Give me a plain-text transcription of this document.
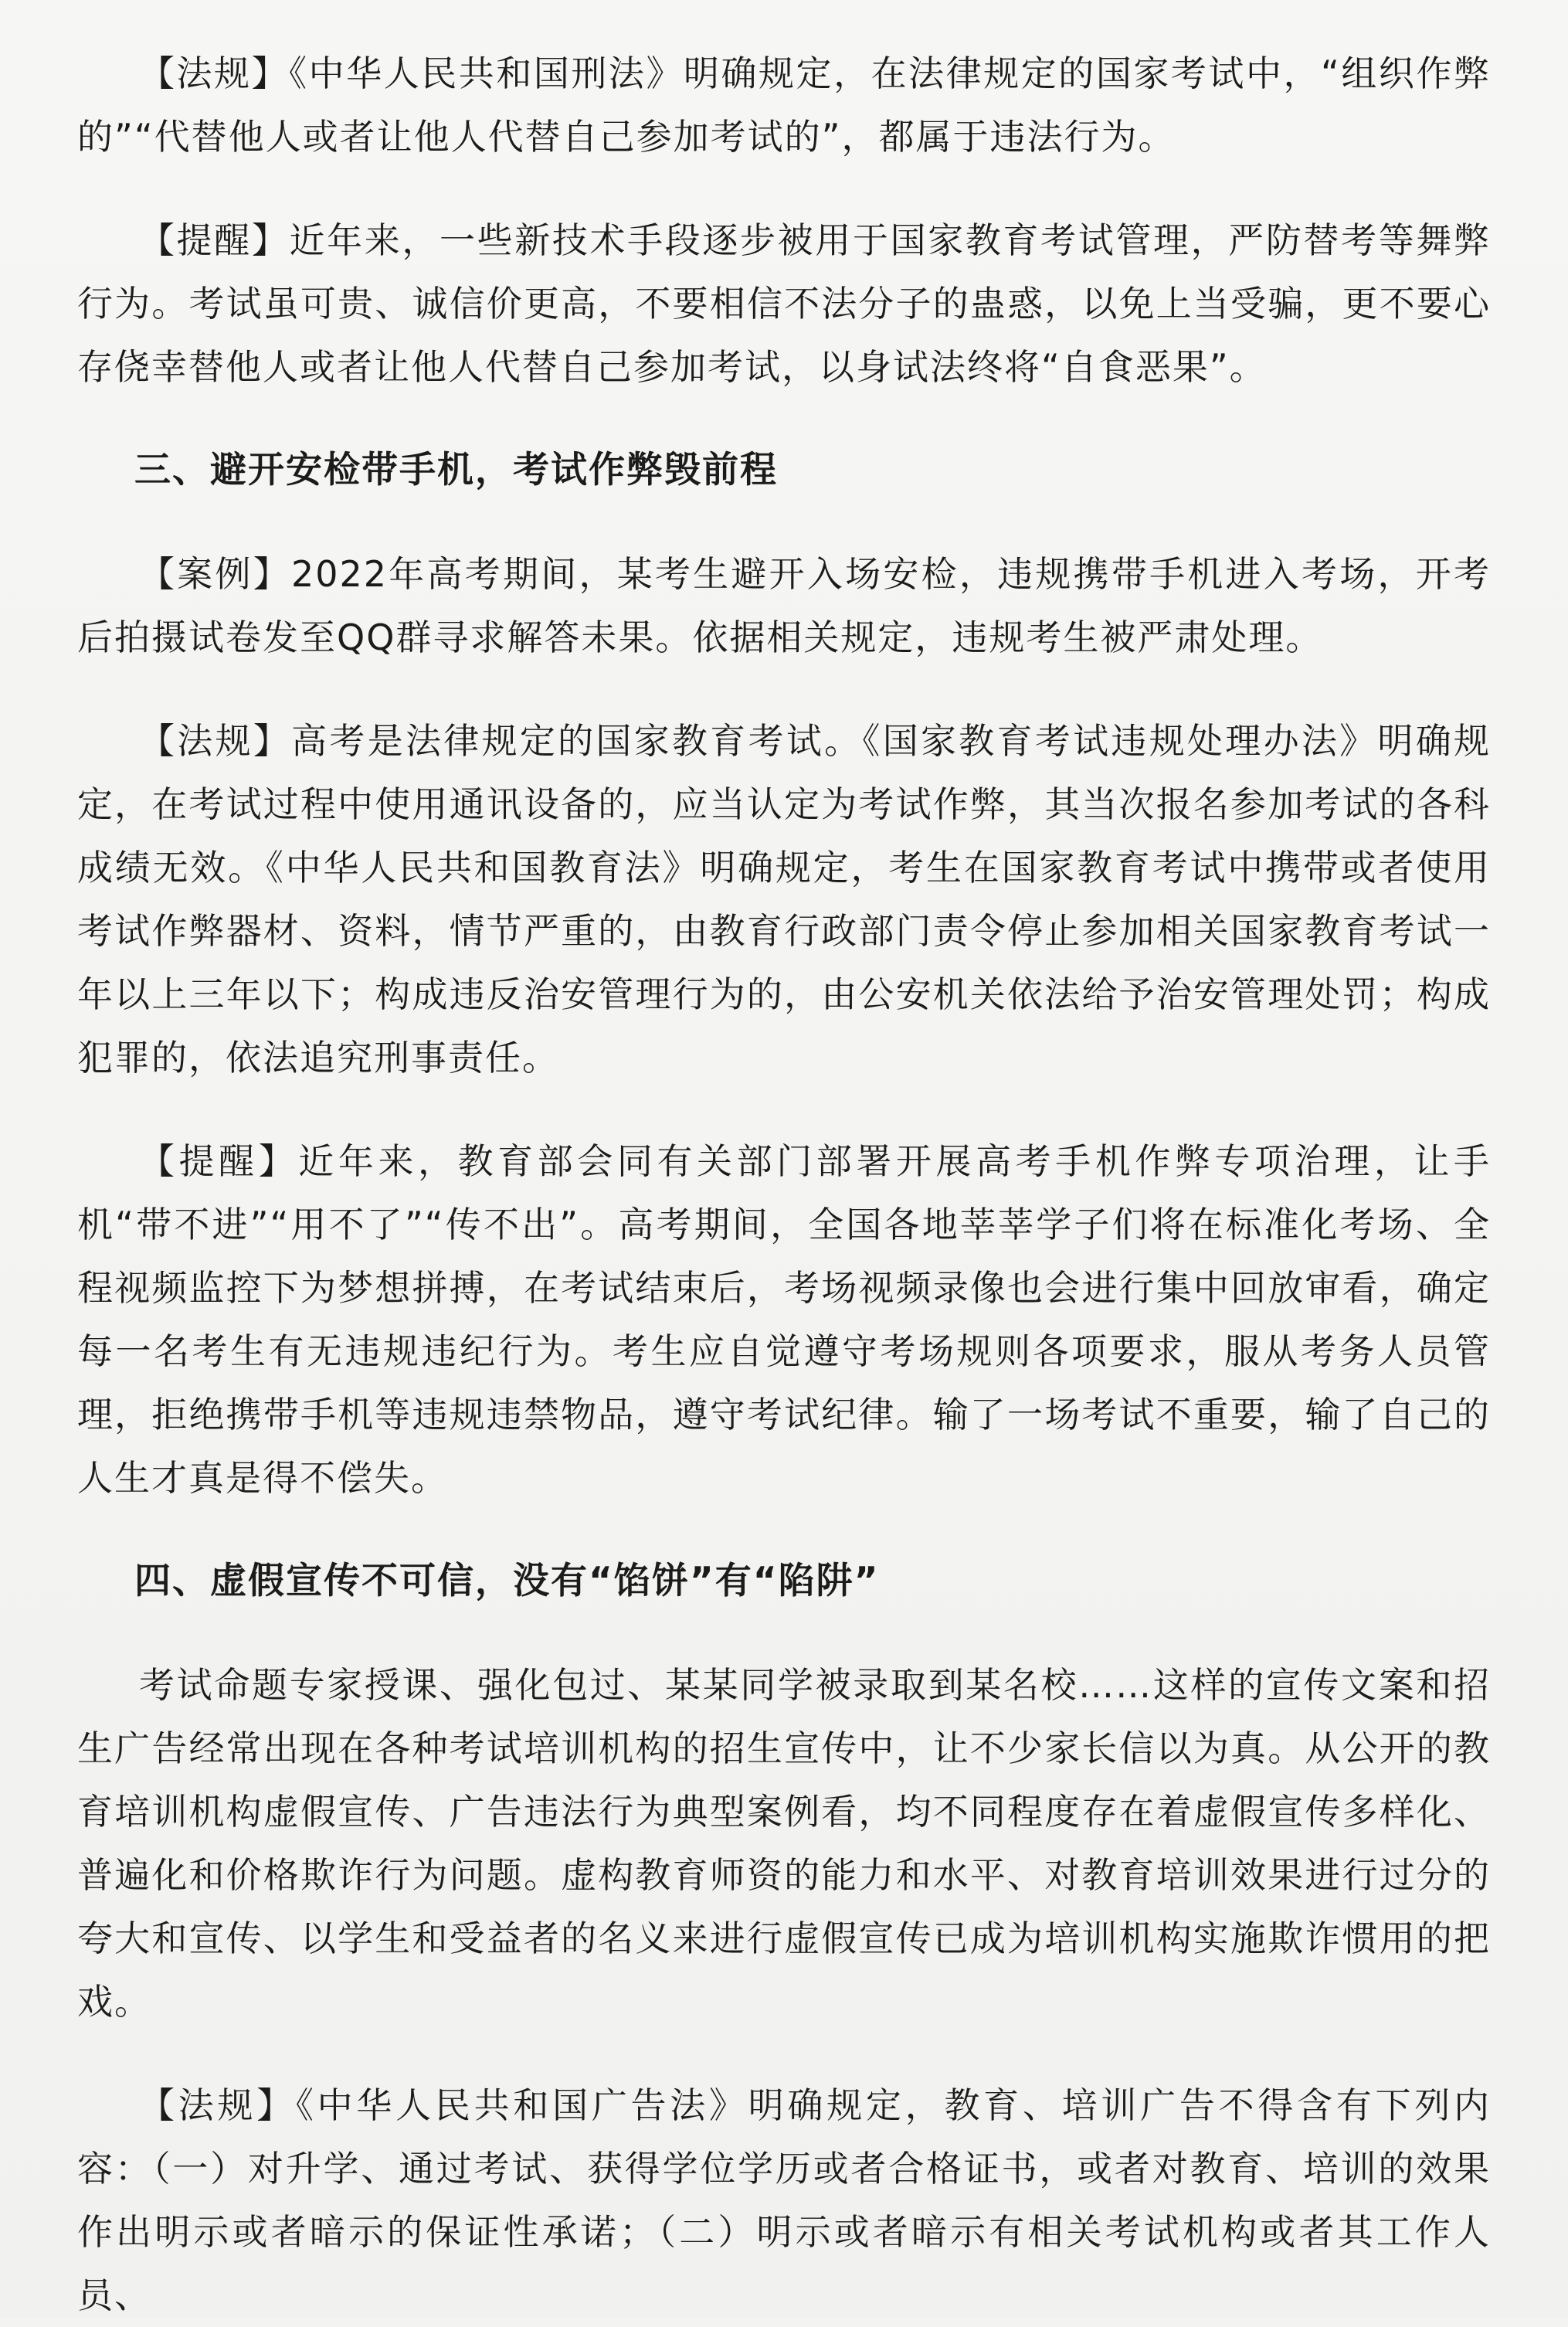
【法规】《中华人民共和国刑法》明确规定，在法律规定的国家考试中，“组织作弊的”“代替他人或者让他人代替自己参加考试的”，都属于违法行为。

【提醒】近年来，一些新技术手段逐步被用于国家教育考试管理，严防替考等舞弊行为。考试虽可贵、诚信价更高，不要相信不法分子的蛊惑，以免上当受骗，更不要心存侥幸替他人或者让他人代替自己参加考试，以身试法终将“自食恶果”。

三、避开安检带手机，考试作弊毁前程

【案例】2022年高考期间，某考生避开入场安检，违规携带手机进入考场，开考后拍摄试卷发至QQ群寻求解答未果。依据相关规定，违规考生被严肃处理。

【法规】高考是法律规定的国家教育考试。《国家教育考试违规处理办法》明确规定，在考试过程中使用通讯设备的，应当认定为考试作弊，其当次报名参加考试的各科成绩无效。《中华人民共和国教育法》明确规定，考生在国家教育考试中携带或者使用考试作弊器材、资料，情节严重的，由教育行政部门责令停止参加相关国家教育考试一年以上三年以下；构成违反治安管理行为的，由公安机关依法给予治安管理处罚；构成犯罪的，依法追究刑事责任。

【提醒】近年来，教育部会同有关部门部署开展高考手机作弊专项治理，让手机“带不进”“用不了”“传不出”。高考期间，全国各地莘莘学子们将在标准化考场、全程视频监控下为梦想拼搏，在考试结束后，考场视频录像也会进行集中回放审看，确定每一名考生有无违规违纪行为。考生应自觉遵守考场规则各项要求，服从考务人员管理，拒绝携带手机等违规违禁物品，遵守考试纪律。输了一场考试不重要，输了自己的人生才真是得不偿失。

四、虚假宣传不可信，没有“馅饼”有“陷阱”

考试命题专家授课、强化包过、某某同学被录取到某名校……这样的宣传文案和招生广告经常出现在各种考试培训机构的招生宣传中，让不少家长信以为真。从公开的教育培训机构虚假宣传、广告违法行为典型案例看，均不同程度存在着虚假宣传多样化、普遍化和价格欺诈行为问题。虚构教育师资的能力和水平、对教育培训效果进行过分的夸大和宣传、以学生和受益者的名义来进行虚假宣传已成为培训机构实施欺诈惯用的把戏。

【法规】《中华人民共和国广告法》明确规定，教育、培训广告不得含有下列内容：（一）对升学、通过考试、获得学位学历或者合格证书，或者对教育、培训的效果作出明示或者暗示的保证性承诺；（二）明示或者暗示有相关考试机构或者其工作人员、
